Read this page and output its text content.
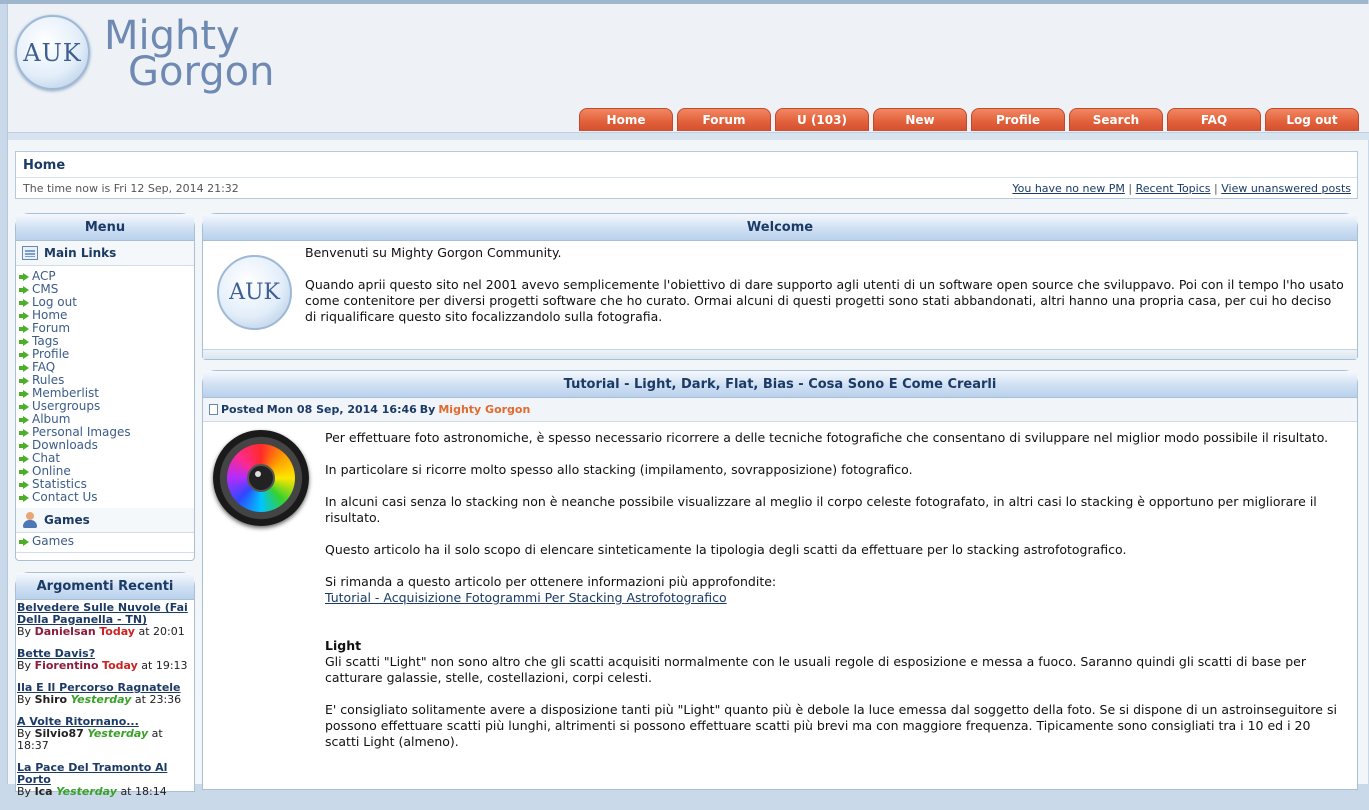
AUK Mighty
Gorgon
Home	Forum	U (103)	New	Profile	Search	FAQ	Log out
Home
The time now is Fri 12 Sep, 2014 21:32	You have no new PM | Recent Topics | View unanswered posts
Menu
Main Links
ACP
CMS
Log out
Home
Forum
Tags
Profile
FAQ
Rules
Memberlist
Usergroups
Album
Personal Images
Downloads
Chat
Online
Statistics
Contact Us
Games
Games
Argomenti Recenti
Belvedere Sulle Nuvole (Fai Della Paganella - TN)
By Danielsan Today at 20:01
Bette Davis?
By Fiorentino Today at 19:13
Ila E Il Percorso Ragnatele
By Shiro Yesterday at 23:36
A Volte Ritornano...
By Silvio87 Yesterday at 18:37
La Pace Del Tramonto Al Porto
By Ica Yesterday at 18:14
Welcome
AUK

Benvenuti su Mighty Gorgon Community.

Quando aprii questo sito nel 2001 avevo semplicemente l'obiettivo di dare supporto agli utenti di un software open source che sviluppavo. Poi con il tempo l'ho usato come contenitore per diversi progetti software che ho curato. Ormai alcuni di questi progetti sono stati abbandonati, altri hanno una propria casa, per cui ho deciso di riqualificare questo sito focalizzandolo sulla fotografia.

Tutorial - Light, Dark, Flat, Bias - Cosa Sono E Come Crearli
Posted Mon 08 Sep, 2014 16:46 By Mighty Gorgon

Per effettuare foto astronomiche, è spesso necessario ricorrere a delle tecniche fotografiche che consentano di sviluppare nel miglior modo possibile il risultato.

In particolare si ricorre molto spesso allo stacking (impilamento, sovrapposizione) fotografico.

In alcuni casi senza lo stacking non è neanche possibile visualizzare al meglio il corpo celeste fotografato, in altri casi lo stacking è opportuno per migliorare il risultato.

Questo articolo ha il solo scopo di elencare sinteticamente la tipologia degli scatti da effettuare per lo stacking astrofotografico.

Si rimanda a questo articolo per ottenere informazioni più approfondite:
Tutorial - Acquisizione Fotogrammi Per Stacking Astrofotografico
Light

Gli scatti "Light" non sono altro che gli scatti acquisiti normalmente con le usuali regole di esposizione e messa a fuoco. Saranno quindi gli scatti di base per catturare galassie, stelle, costellazioni, corpi celesti.

E' consigliato solitamente avere a disposizione tanti più "Light" quanto più è debole la luce emessa dal soggetto della foto. Se si dispone di un astroinseguitore si possono effettuare scatti più lunghi, altrimenti si possono effettuare scatti più brevi ma con maggiore frequenza. Tipicamente sono consigliati tra i 10 ed i 20 scatti Light (almeno).
